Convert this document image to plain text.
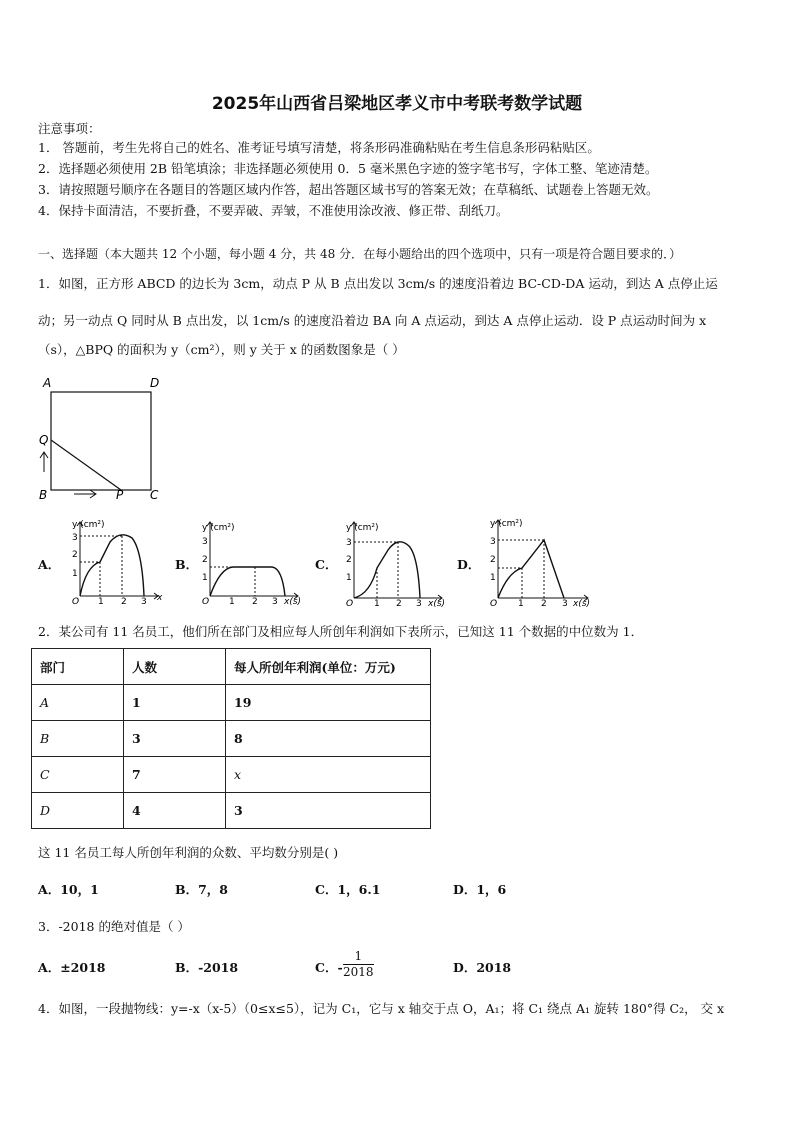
2025年山西省吕梁地区孝义市中考联考数学试题
注意事项：
1． 答题前，考生先将自己的姓名、准考证号填写清楚，将条形码准确粘贴在考生信息条形码粘贴区。
2．选择题必须使用 2B 铅笔填涂；非选择题必须使用 0．5 毫米黑色字迹的签字笔书写，字体工整、笔迹清楚。
3．请按照题号顺序在各题目的答题区域内作答，超出答题区域书写的答案无效；在草稿纸、试题卷上答题无效。
4．保持卡面清洁，不要折叠，不要弄破、弄皱，不准使用涂改液、修正带、刮纸刀。
一、选择题（本大题共 12 个小题，每小题 4 分，共 48 分．在每小题给出的四个选项中，只有一项是符合题目要求的．）
1．如图，正方形 ABCD 的边长为 3cm，动点 P 从 B 点出发以 3cm/s 的速度沿着边 BC-CD-DA 运动，到达 A 点停止运
动；另一动点 Q 同时从 B 点出发，以 1cm/s 的速度沿着边 BA 向 A 点运动，到达 A 点停止运动．设 P 点运动时间为 x
（s），△BPQ 的面积为 y（cm²），则 y 关于 x 的函数图象是（ ）
A	D
Q
B	P C
A．	B．	C．	D．
y (cm²)
O 1 2 3 x
1
2
3
y (cm²)
O 1 2 3 x(s)
1
2
3
y (cm²)
O 1 2 3 x(s)
1
2
3
y (cm²)
O 1 2 3 x(s)
1
2
3
2．某公司有 11 名员工，他们所在部门及相应每人所创年利润如下表所示，已知这 11 个数据的中位数为 1．
部门	人数	每人所创年利润(单位：万元)
A	1	19
B	3	8
C	7	x
D	4	3
这 11 名员工每人所创年利润的众数、平均数分别是( )
A．10，1	B．7，8	C．1，6.1	D．1，6
3．-2018 的绝对值是（ ）
A．±2018	B．-2018	C．- $\frac{1}{2018}$	D．2018
4．如图，一段抛物线：y=-x（x-5）（0≤x≤5），记为 C₁，它与 x 轴交于点 O，A₁；将 C₁ 绕点 A₁ 旋转 180°得 C₂， 交 x
